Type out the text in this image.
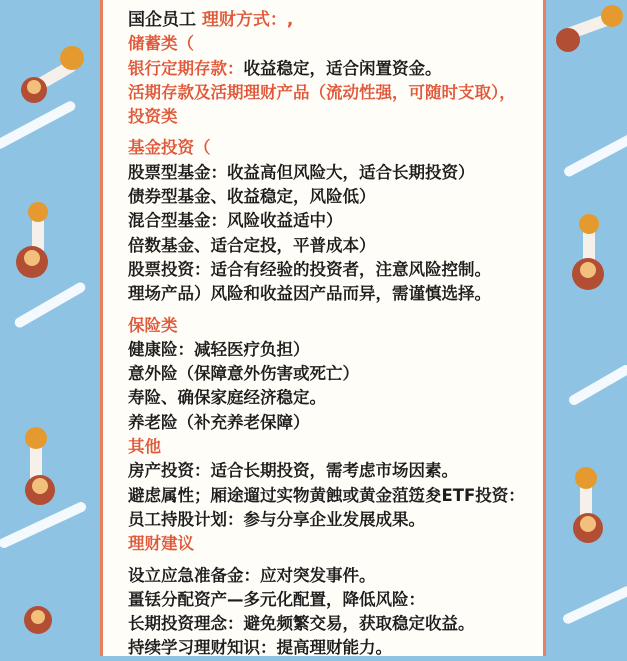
国企员工 理财方式：,
储蓄类（
银行定期存款：收益稳定，适合闲置资金。
活期存款及活期理财产品（流动性强，可随时支取），
投资类
基金投资（
股票型基金：收益高但风险大，适合长期投资）
债券型基金、收益稳定，风险低）
混合型基金：风险收益适中）
倍数基金、适合定投，平普成本）
股票投资：适合有经验的投资者，注意风险控制。
理场产品）风险和收益因产品而异，需谨慎选择。
保险类
健康险：减轻医疗负担）
意外险（保障意外伤害或死亡）
寿险、确保家庭经济稳定。
养老险（补充养老保障）
其他
房产投资：适合长期投资，需考虑市场因素。
避虑属性；厢途遛过实物黄蝕或黄金菹笾夋ETF投资：
员工持股计划：参与分享企业发展成果。
理财建议
设立应急准备金：应对突发事件。
畺铥分配资产—多元化配置，降低风险：
长期投资理念：避免频繁交易，获取稳定收益。
持续学习理财知识：提高理财能力。
